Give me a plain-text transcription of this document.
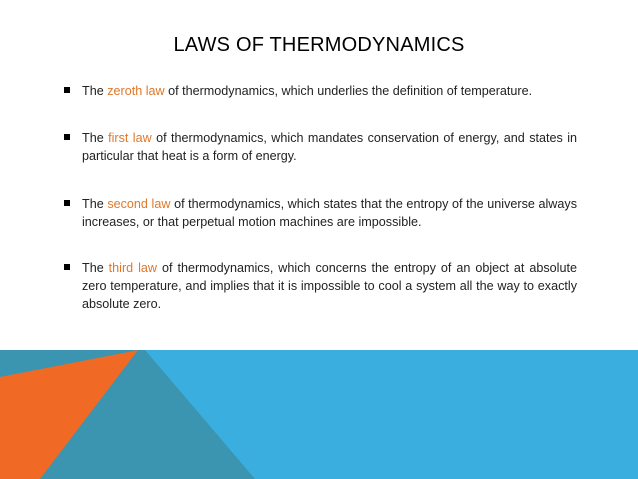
LAWS OF THERMODYNAMICS
The zeroth law of thermodynamics, which underlies the definition of temperature.
The first law of thermodynamics, which mandates conservation of energy, and states in particular that heat is a form of energy.
The second law of thermodynamics, which states that the entropy of the universe always increases, or that perpetual motion machines are impossible.
The third law of thermodynamics, which concerns the entropy of an object at absolute zero temperature, and implies that it is impossible to cool a system all the way to exactly absolute zero.
